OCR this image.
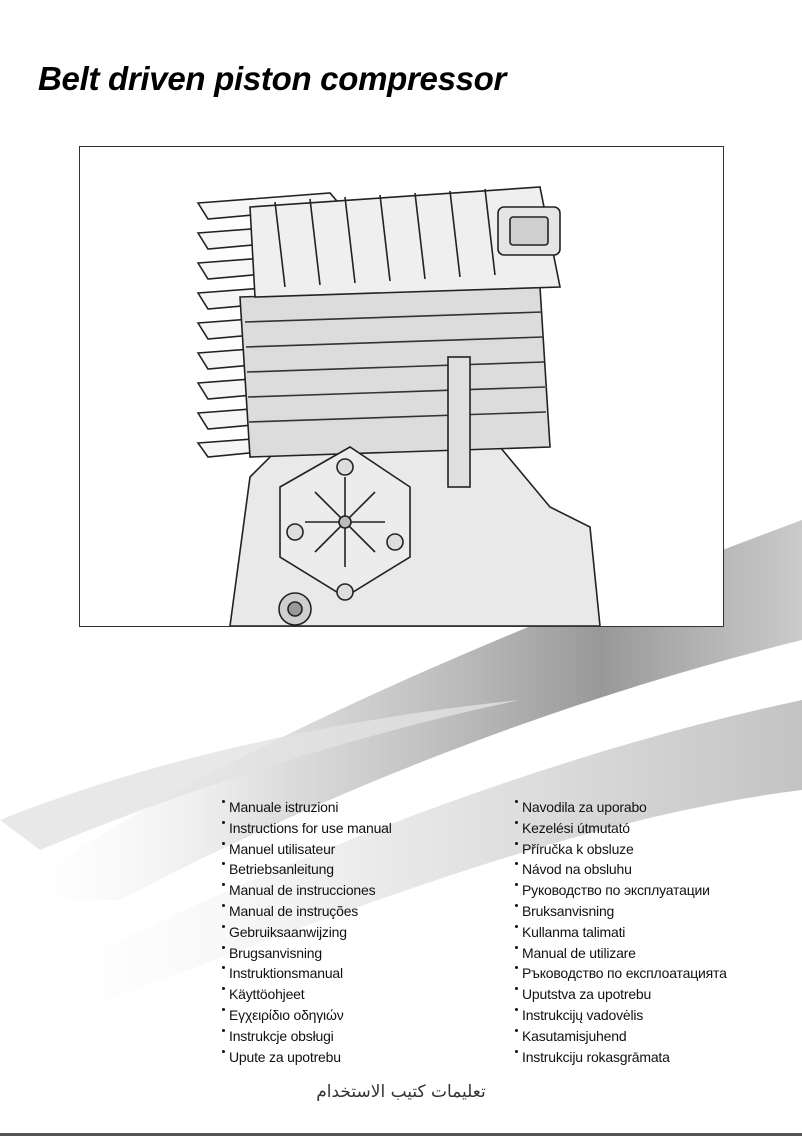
Belt driven piston compressor
Manuale istruzioni
Instructions for use manual
Manuel utilisateur
Betriebsanleitung
Manual de instrucciones
Manual de instruções
Gebruiksaanwijzing
Brugsanvisning
Instruktionsmanual
Käyttöohjeet
Εγχειρίδιο οδηγιών
Instrukcje obsługi
Upute za upotrebu
Navodila za uporabo
Kezelési útmutató
Příručka k obsluze
Návod na obsluhu
Руководство по эксплуатации
Bruksanvisning
Kullanma talimati
Manual de utilizare
Ръководство по експлоатацията
Uputstva za upotrebu
Instrukcijų vadovėlis
Kasutamisjuhend
Instrukciju rokasgrāmata
تعليمات كتيب الاستخدام
